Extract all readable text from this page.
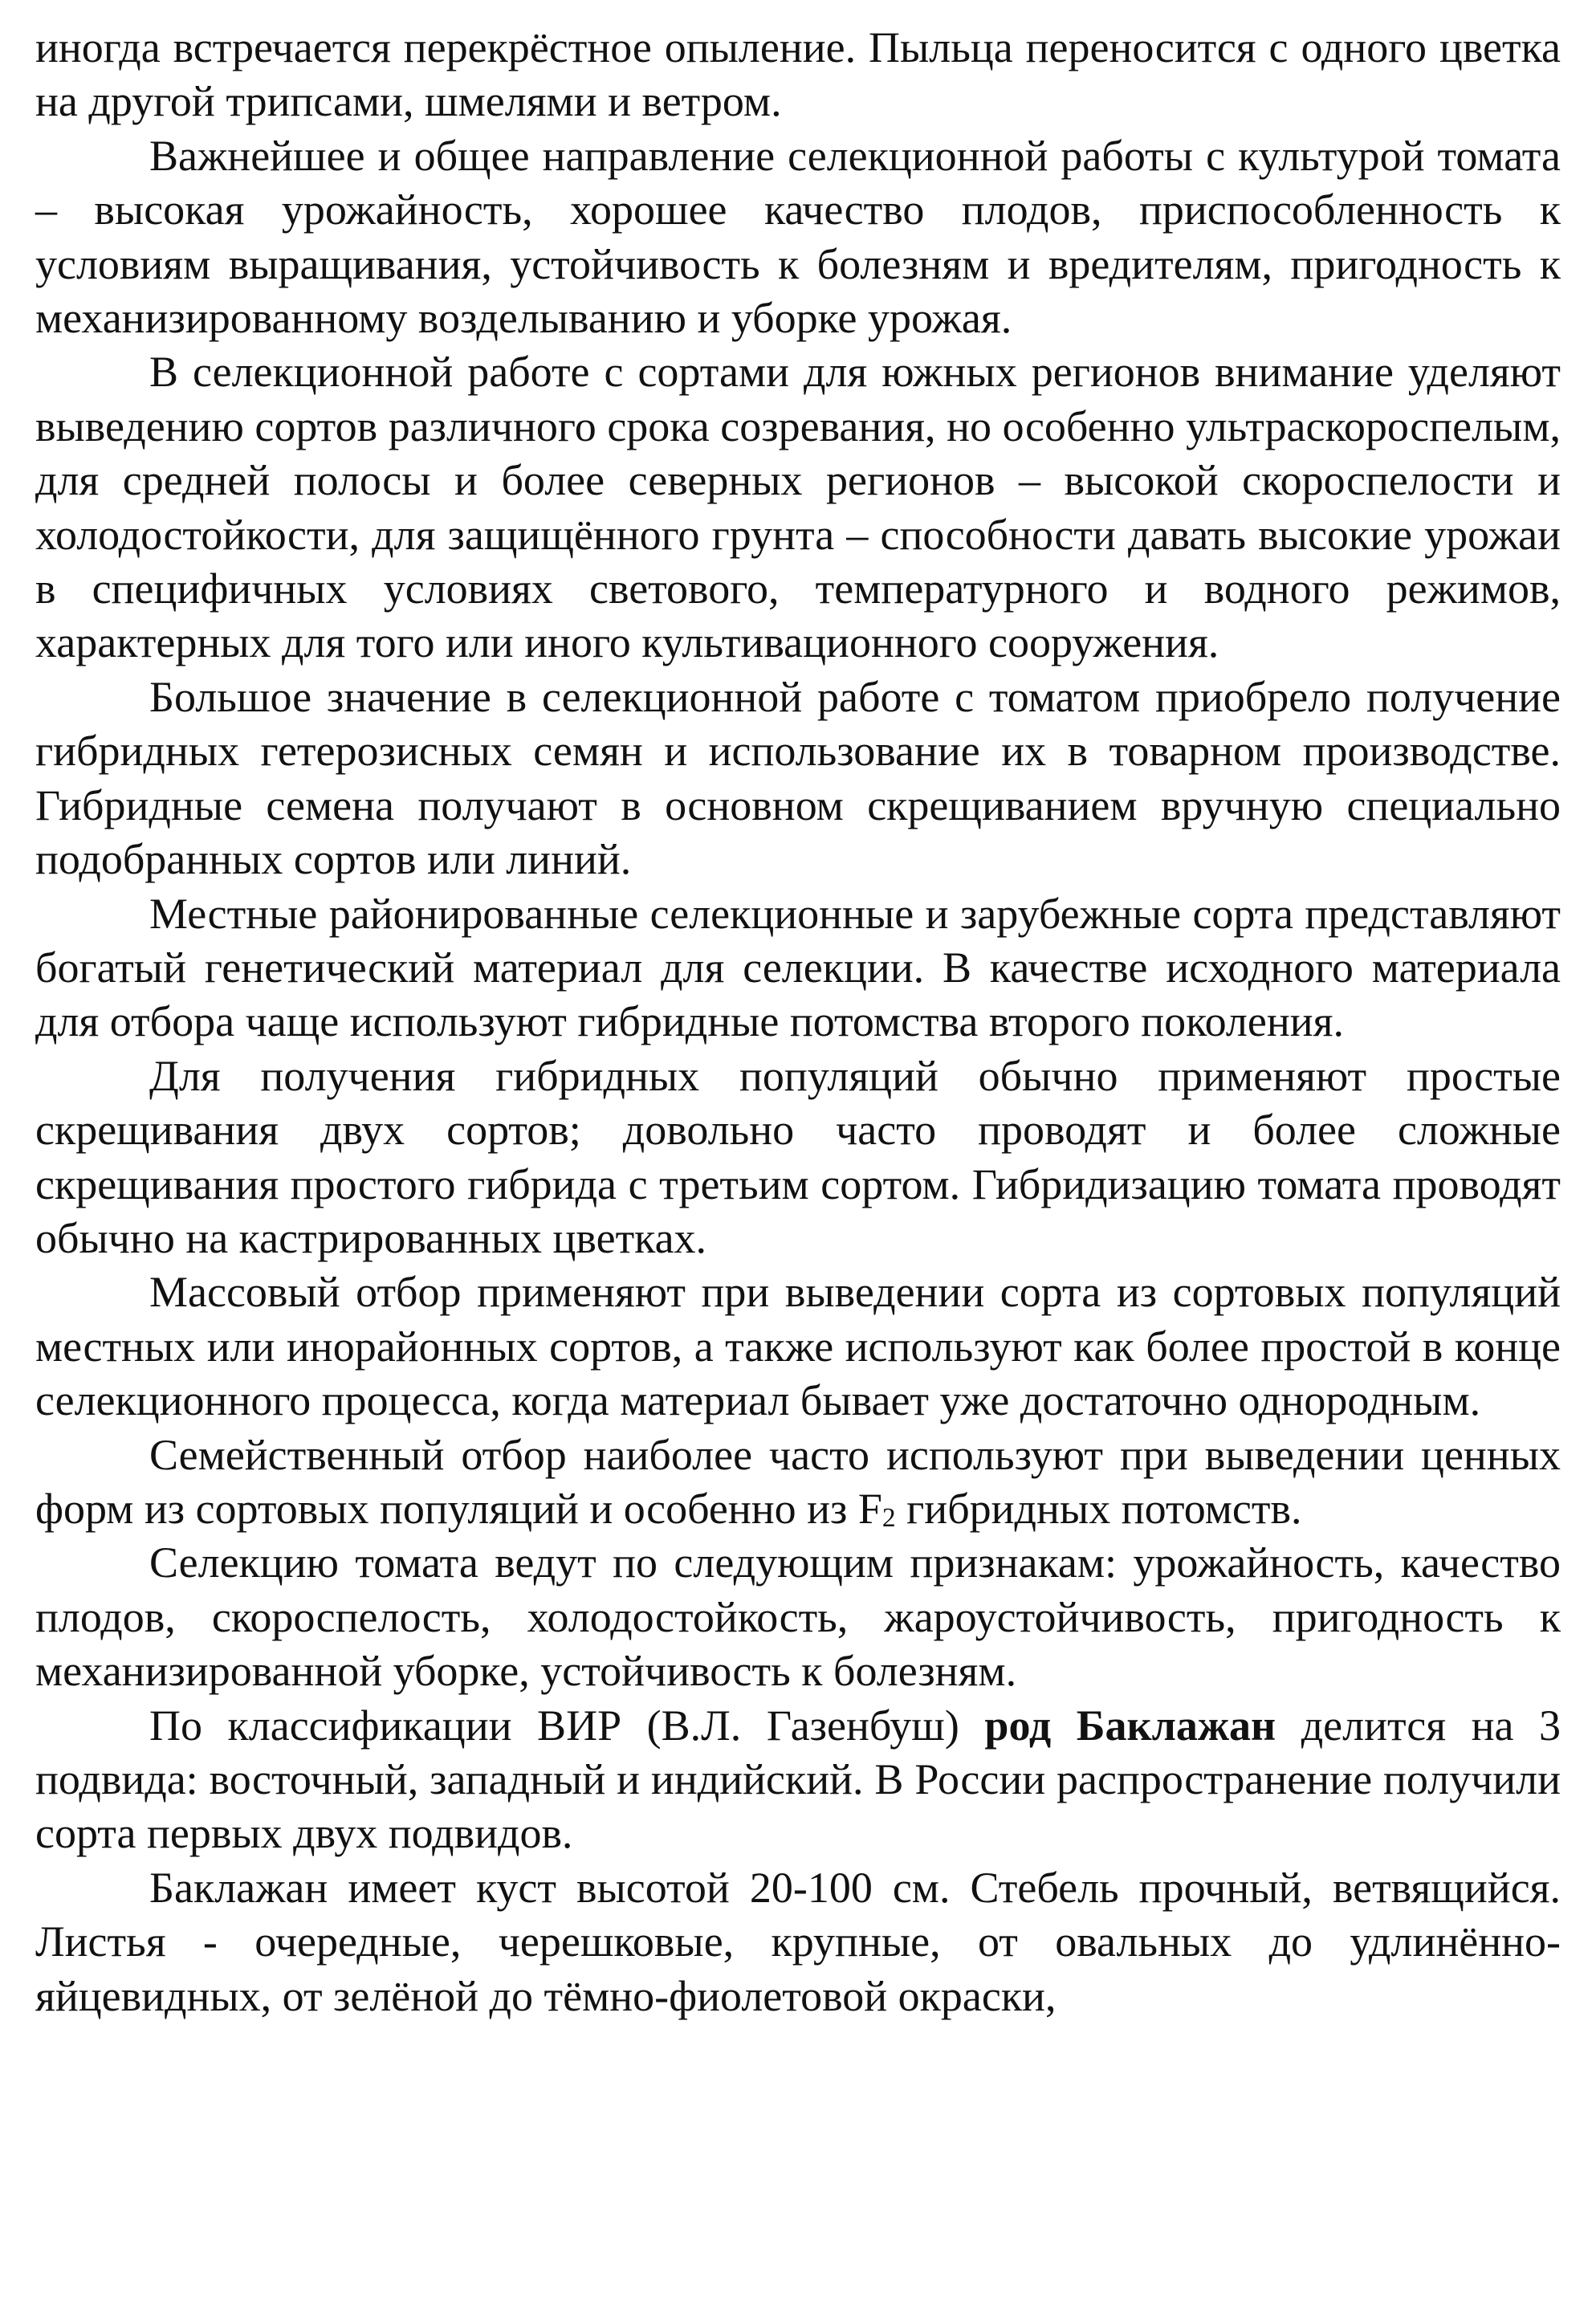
иногда встречается перекрёстное опыление. Пыльца переносится с одного цветка на другой трипсами, шмелями и ветром.

Важнейшее и общее направление селекционной работы с культурой томата – высокая урожайность, хорошее качество плодов, приспособленность к условиям выращивания, устойчивость к болезням и вредителям, пригодность к механизированному возделыванию и уборке урожая.

В селекционной работе с сортами для южных регионов внимание уделяют выведению сортов различного срока созревания, но особенно ультраскороспелым, для средней полосы и более северных регионов – высокой скороспелости и холодостойкости, для защищённого грунта – способности давать высокие урожаи в специфичных условиях светового, температурного и водного режимов, характерных для того или иного культивационного сооружения.

Большое значение в селекционной работе с томатом приобрело получение гибридных гетерозисных семян и использование их в товарном производстве. Гибридные семена получают в основном скрещиванием вручную специально подобранных сортов или линий.

Местные районированные селекционные и зарубежные сорта представляют богатый генетический материал для селекции. В качестве исходного материала для отбора чаще используют гибридные потомства второго поколения.

Для получения гибридных популяций обычно применяют простые скрещивания двух сортов; довольно часто проводят и более сложные скрещивания простого гибрида с третьим сортом. Гибридизацию томата проводят обычно на кастрированных цветках.

Массовый отбор применяют при выведении сорта из сортовых популяций местных или инорайонных сортов, а также используют как более простой в конце селекционного процесса, когда материал бывает уже достаточно однородным.

Семейственный отбор наиболее часто используют при выведении ценных форм из сортовых популяций и особенно из $F_2$ гибридных потомств.

Селекцию томата ведут по следующим признакам: урожайность, качество плодов, скороспелость, холодостойкость, жароустойчивость, пригодность к механизированной уборке, устойчивость к болезням.

По классификации ВИР (В.Л. Газенбуш) род Баклажан делится на 3 подвида: восточный, западный и индийский. В России распространение получили сорта первых двух подвидов.

Баклажан имеет куст высотой 20-100 см. Стебель прочный, ветвящийся. Листья - очередные, черешковые, крупные, от овальных до удлинённо-яйцевидных, от зелёной до тёмно-фиолетовой окраски,
